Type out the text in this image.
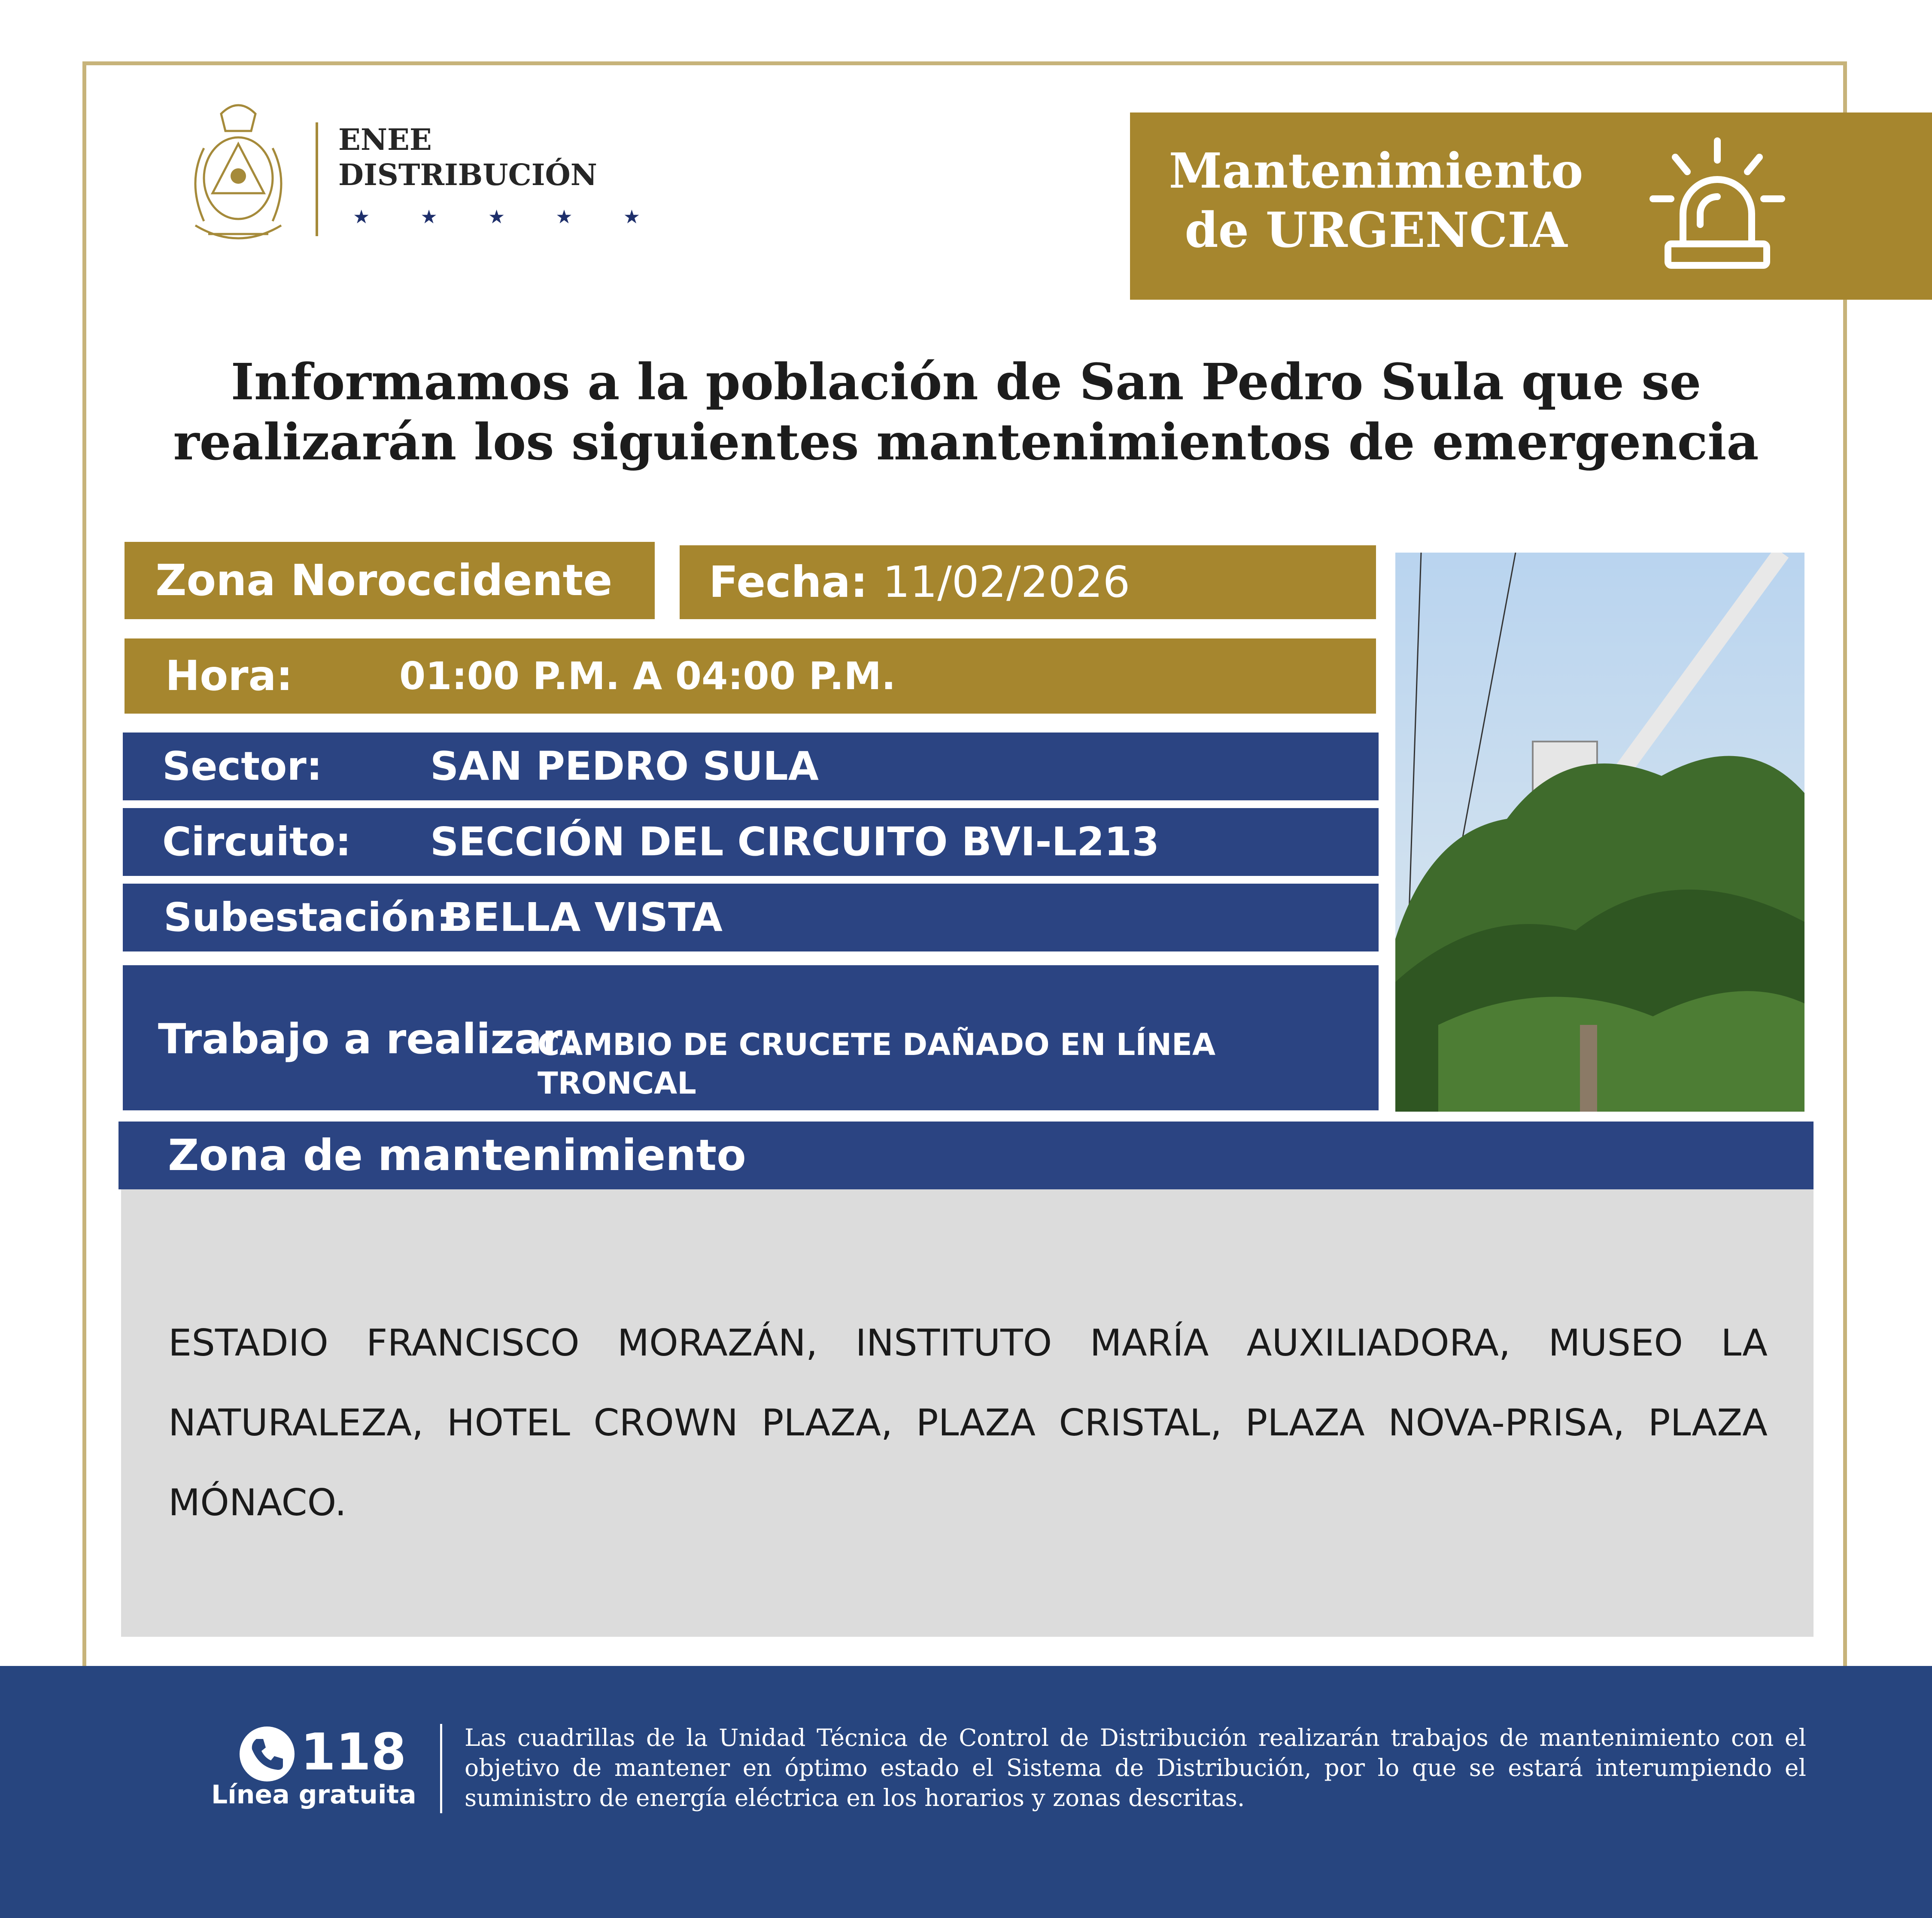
ENEE
DISTRIBUCIÓN
★ ★ ★ ★ ★
Mantenimiento de URGENCIA
Informamos a la población de San Pedro Sula que se realizarán los siguientes mantenimientos de emergencia
Zona Noroccidente	Fecha: 11/02/2026
Hora:	01:00 P.M. A 04:00 P.M.
Sector:	SAN PEDRO SULA
Circuito: SECCIÓN DEL CIRCUITO BVI-L213
Subestación:
BELLA VISTA
Trabajo a realizar:
CAMBIO DE CRUCETE DAÑADO EN LÍNEA TRONCAL
Zona de mantenimiento
ESTADIO FRANCISCO MORAZÁN, INSTITUTO MARÍA AUXILIADORA, MUSEO LA NATURALEZA, HOTEL CROWN PLAZA, PLAZA CRISTAL, PLAZA NOVA-PRISA, PLAZA MÓNACO.
118
Línea gratuita
Las cuadrillas de la Unidad Técnica de Control de Distribución realizarán trabajos de mantenimiento con el objetivo de mantener en óptimo estado el Sistema de Distribución, por lo que se estará interumpiendo el suministro de energía eléctrica en los horarios y zonas descritas.
